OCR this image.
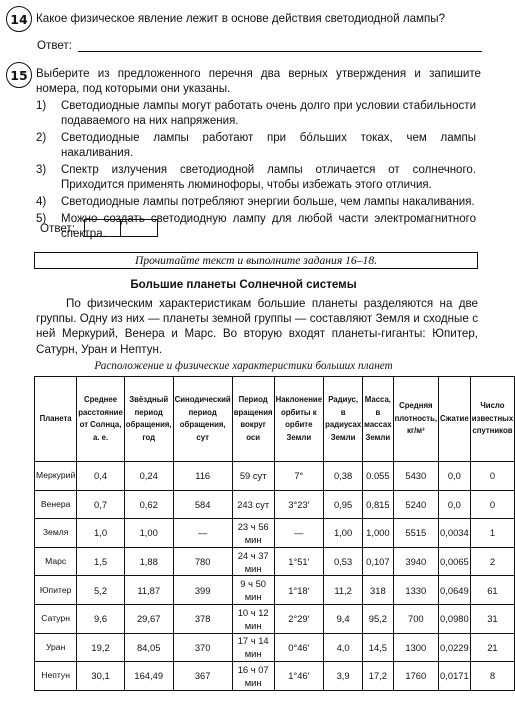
14 Какое физическое явление лежит в основе действия светодиодной лампы?
Ответ:
15 Выберите из предложенного перечня два верных утверждения и запишите номера, под которыми они указаны.
1)	Светодиодные лампы могут работать очень долго при условии стабильности подаваемого на них напряжения.
2)	Светодиодные лампы работают при бо́льших токах, чем лампы накаливания.
3)	Спектр излучения светодиодной лампы отличается от солнечного. Приходится применять люминофоры, чтобы избежать этого отличия.
4)	Светодиодные лампы потребляют энергии больше, чем лампы накаливания.
5)	Можно создать светодиодную лампу для любой части электромагнитного спектра.
Ответ:
Прочитайте текст и выполните задания 16–18.
Большие планеты Солнечной системы
По физическим характеристикам большие планеты разделяются на две группы. Одну из них — планеты земной группы — составляют Земля и сходные с ней Меркурий, Венера и Марс. Во вторую входят планеты-гиганты: Юпитер, Сатурн, Уран и Нептун.
Расположение и физические характеристики больших планет
Планета	Среднее расстояние от Солнца, а. е.	Звёздный период обращения, год	Синодический период обращения, сут	Период вращения вокруг оси	Наклонение орбиты к орбите Земли	Радиус, в радиусах Земли	Масса, в массах Земли	Средняя плотность, кг/м³	Сжатие	Число известных спутников
Меркурий	0,4	0,24	116	59 сут	7°	0,38	0.055	5430	0,0	0
Венера	0,7	0,62	584	243 сут	3°23′	0,95	0,815	5240	0,0	0
Земля	1,0	1,00	—	23 ч 56 мин	—	1,00	1,000	5515	0,0034	1
Марс	1,5	1,88	780	24 ч 37 мин	1°51′	0,53	0,107	3940	0,0065	2
Юпитер	5,2	11,87	399	9 ч 50 мин	1°18′	11,2	318	1330	0,0649	61
Сатурн	9,6	29,67	378	10 ч 12 мин	2°29′	9,4	95,2	700	0,0980	31
Уран	19,2	84,05	370	17 ч 14 мин	0°46′	4,0	14,5	1300	0,0229	21
Нептун	30,1	164,49	367	16 ч 07 мин	1°46′	3,9	17,2	1760	0,0171	8
